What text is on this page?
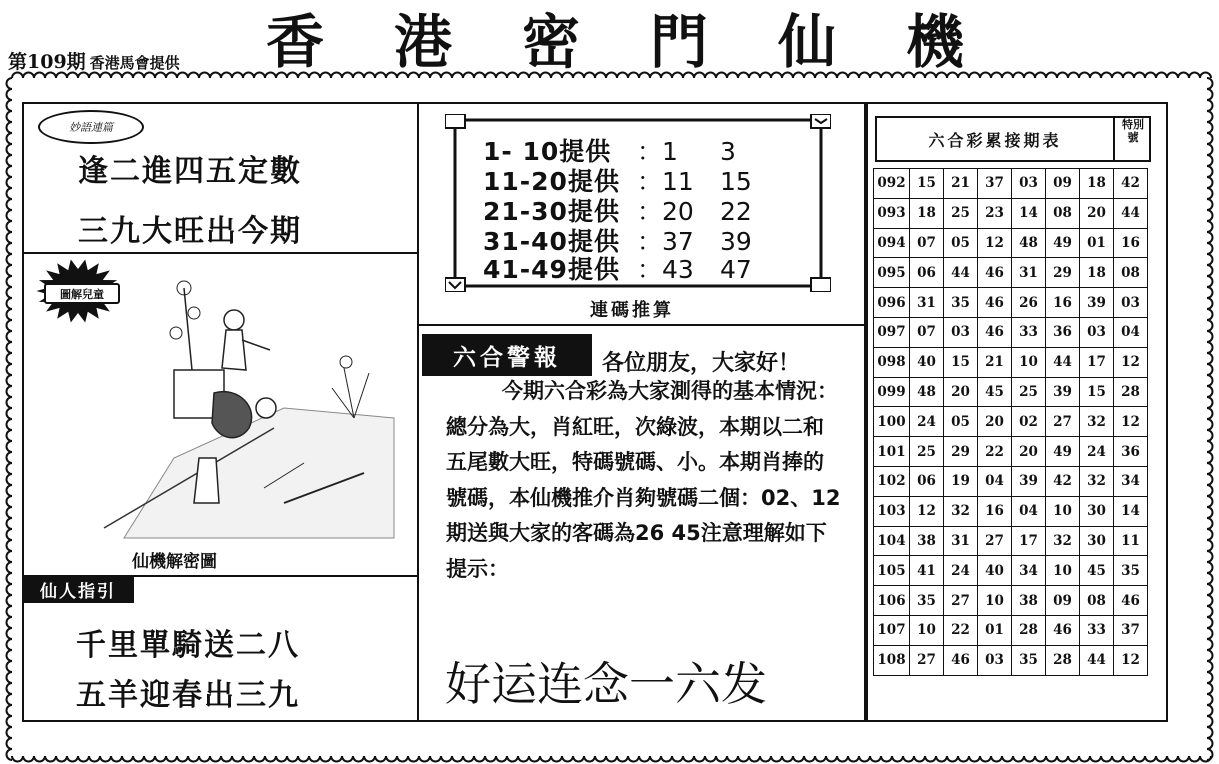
第109期 香港馬會提供	香	港	密	門	仙	機
妙語連篇
逢二進四五定數
三九大旺出今期
圖解兒童
仙機解密圖
仙人指引
千里單騎送二八
五羊迎春出三九
1- 10提供 ：1 3
11-20提供 ：11 15
21-30提供 ：20 22
31-40提供 ：37 39
41-49提供 ：43 47
連碼推算
六合警報	各位朋友，大家好！
今期六合彩為大家測得的基本情況：總分為大，肖紅旺，次綠波，本期以二和五尾數大旺，特碼號碼、小。本期肖捧的號碼，本仙機推介肖夠號碼二個：02、12期送與大家的客碼為26 45注意理解如下提示：
好运连念一六发
六合彩累接期表
特別號
092	15	21	37	03	09	18	42
093	18	25	23	14	08	20	44
094	07	05	12	48	49	01	16
095	06	44	46	31	29	18	08
096	31	35	46	26	16	39	03
097	07	03	46	33	36	03	04
098	40	15	21	10	44	17	12
099	48	20	45	25	39	15	28
100	24	05	20	02	27	32	12
101	25	29	22	20	49	24	36
102	06	19	04	39	42	32	34
103	12	32	16	04	10	30	14
104	38	31	27	17	32	30	11
105	41	24	40	34	10	45	35
106	35	27	10	38	09	08	46
107	10	22	01	28	46	33	37
108	27	46	03	35	28	44	12
